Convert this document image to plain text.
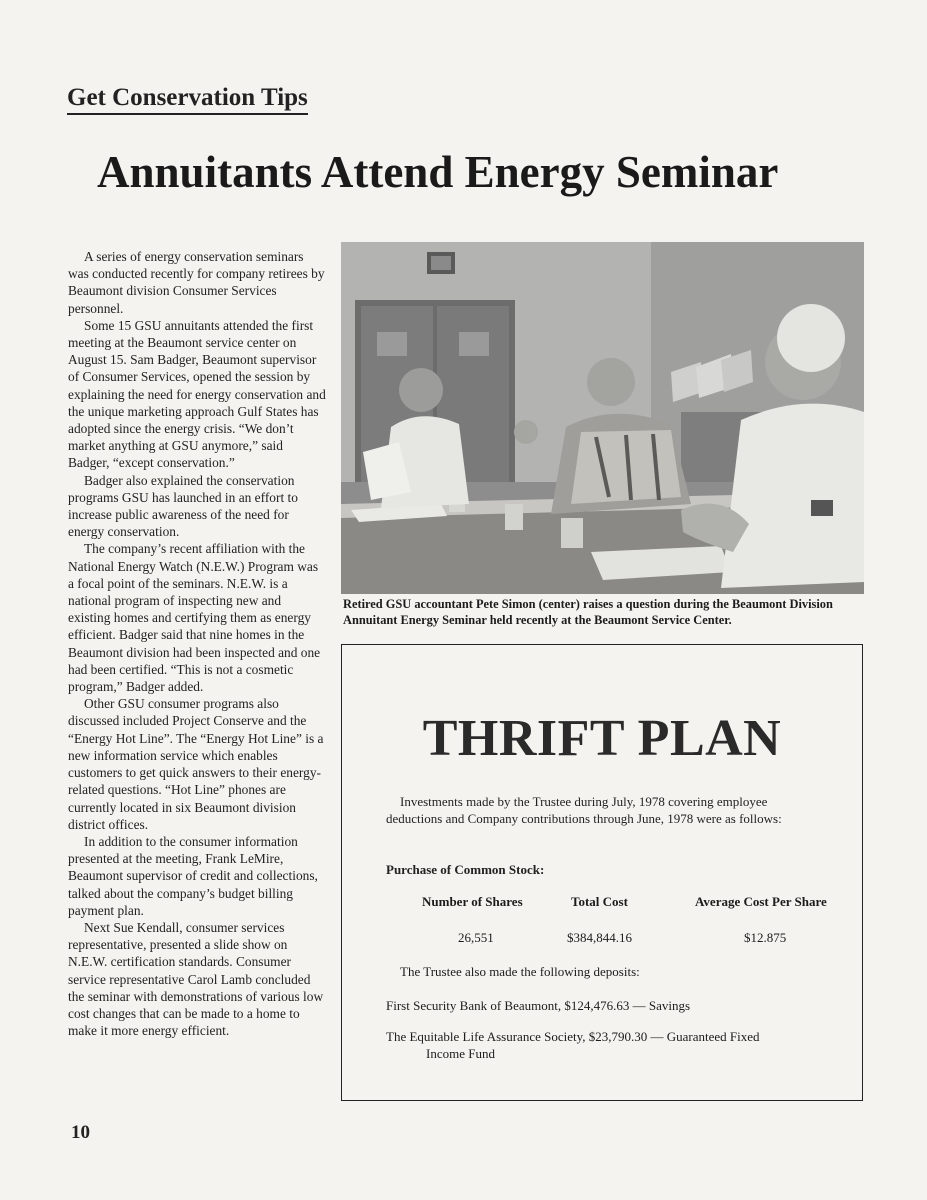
Get Conservation Tips
Annuitants Attend Energy Seminar

A series of energy conservation seminars was conducted recently for company retirees by Beaumont division Consumer Services personnel.

Some 15 GSU annuitants attended the first meeting at the Beaumont service center on August 15. Sam Badger, Beaumont supervisor of Consumer Services, opened the session by explaining the need for energy conservation and the unique marketing approach Gulf States has adopted since the energy crisis. “We don’t market anything at GSU anymore,” said Badger, “except conservation.”

Badger also explained the conservation programs GSU has launched in an effort to increase public awareness of the need for energy conservation.

The company’s recent affiliation with the National Energy Watch (N.E.W.) Program was a focal point of the seminars. N.E.W. is a national program of inspecting new and existing homes and certifying them as energy efficient. Badger said that nine homes in the Beaumont division had been inspected and one had been certified. “This is not a cosmetic program,” Badger added.

Other GSU consumer programs also discussed included Project Conserve and the “Energy Hot Line”. The “Energy Hot Line” is a new information service which enables customers to get quick answers to their energy-related questions. “Hot Line” phones are currently located in six Beaumont division district offices.

In addition to the consumer information presented at the meeting, Frank LeMire, Beaumont supervisor of credit and collections, talked about the company’s budget billing payment plan.

Next Sue Kendall, consumer services representative, presented a slide show on N.E.W. certification standards. Consumer service representative Carol Lamb concluded the seminar with demonstrations of various low cost changes that can be made to a home to make it more energy efficient.

Retired GSU accountant Pete Simon (center) raises a question during the Beaumont Division Annuitant Energy Seminar held recently at the Beaumont Service Center.
THRIFT PLAN
Investments made by the Trustee during July, 1978 covering employee
deductions and Company contributions through June, 1978 were as follows:
Purchase of Common Stock:
Number of Shares	Total Cost	Average Cost Per Share
26,551	$384,844.16	$12.875
The Trustee also made the following deposits:
First Security Bank of Beaumont, $124,476.63 — Savings
The Equitable Life Assurance Society, $23,790.30 — Guaranteed Fixed
Income Fund
10
